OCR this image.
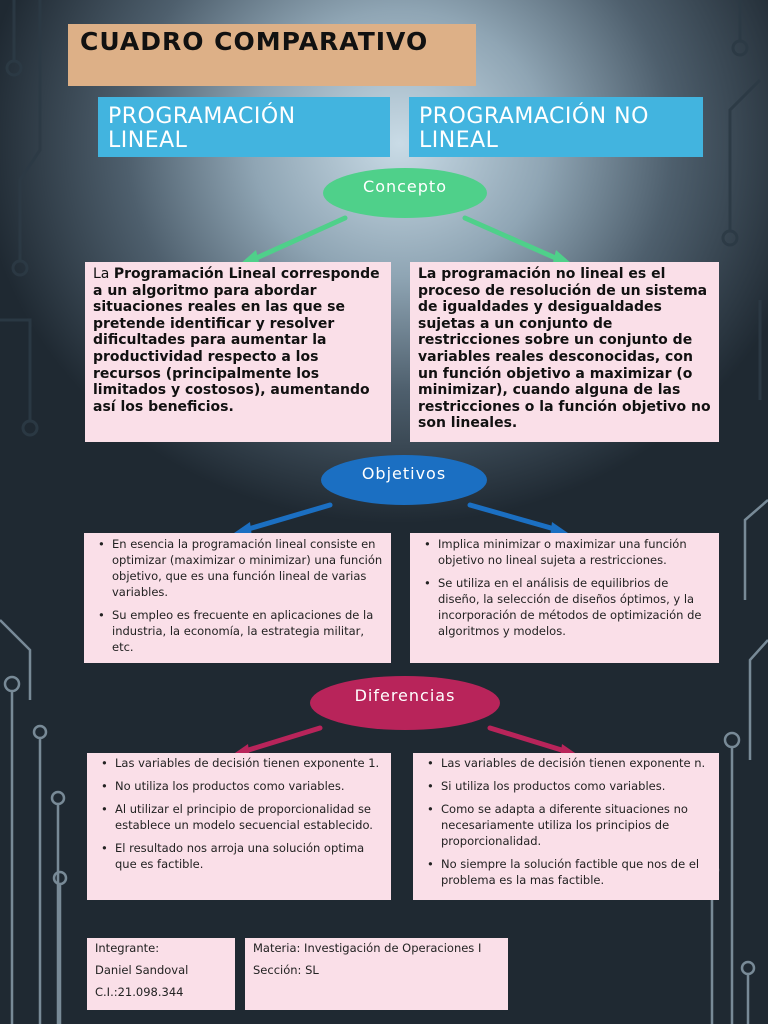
CUADRO COMPARATIVO
PROGRAMACIÓN LINEAL
PROGRAMACIÓN NO LINEAL
Concepto
La Programación Lineal corresponde a un algoritmo para abordar situaciones reales en las que se pretende identificar y resolver dificultades para aumentar la productividad respecto a los recursos (principalmente los limitados y costosos), aumentando así los beneficios.
La programación no lineal es el proceso de resolución de un sistema de igualdades y desigualdades sujetas a un conjunto de restricciones sobre un conjunto de variables reales desconocidas, con un función objetivo a maximizar (o minimizar), cuando alguna de las restricciones o la función objetivo no son lineales.
Objetivos
• En esencia la programación lineal consiste en optimizar (maximizar o minimizar) una función objetivo, que es una función lineal de varias variables.
• Su empleo es frecuente en aplicaciones de la industria, la economía, la estrategia militar, etc.
• Implica minimizar o maximizar una función objetivo no lineal sujeta a restricciones.
• Se utiliza en el análisis de equilibrios de diseño, la selección de diseños óptimos, y la incorporación de métodos de optimización de algoritmos y modelos.
Diferencias
• Las variables de decisión tienen exponente 1.
• No utiliza los productos como variables.
• Al utilizar el principio de proporcionalidad se establece un modelo secuencial establecido.
• El resultado nos arroja una solución optima que es factible.
• Las variables de decisión tienen exponente n.
• Si utiliza los productos como variables.
• Como se adapta a diferente situaciones no necesariamente utiliza los principios de proporcionalidad.
• No siempre la solución factible que nos de el problema es la mas factible.
Integrante:
Daniel Sandoval
C.I.:21.098.344
Materia: Investigación de Operaciones I
Sección: SL
